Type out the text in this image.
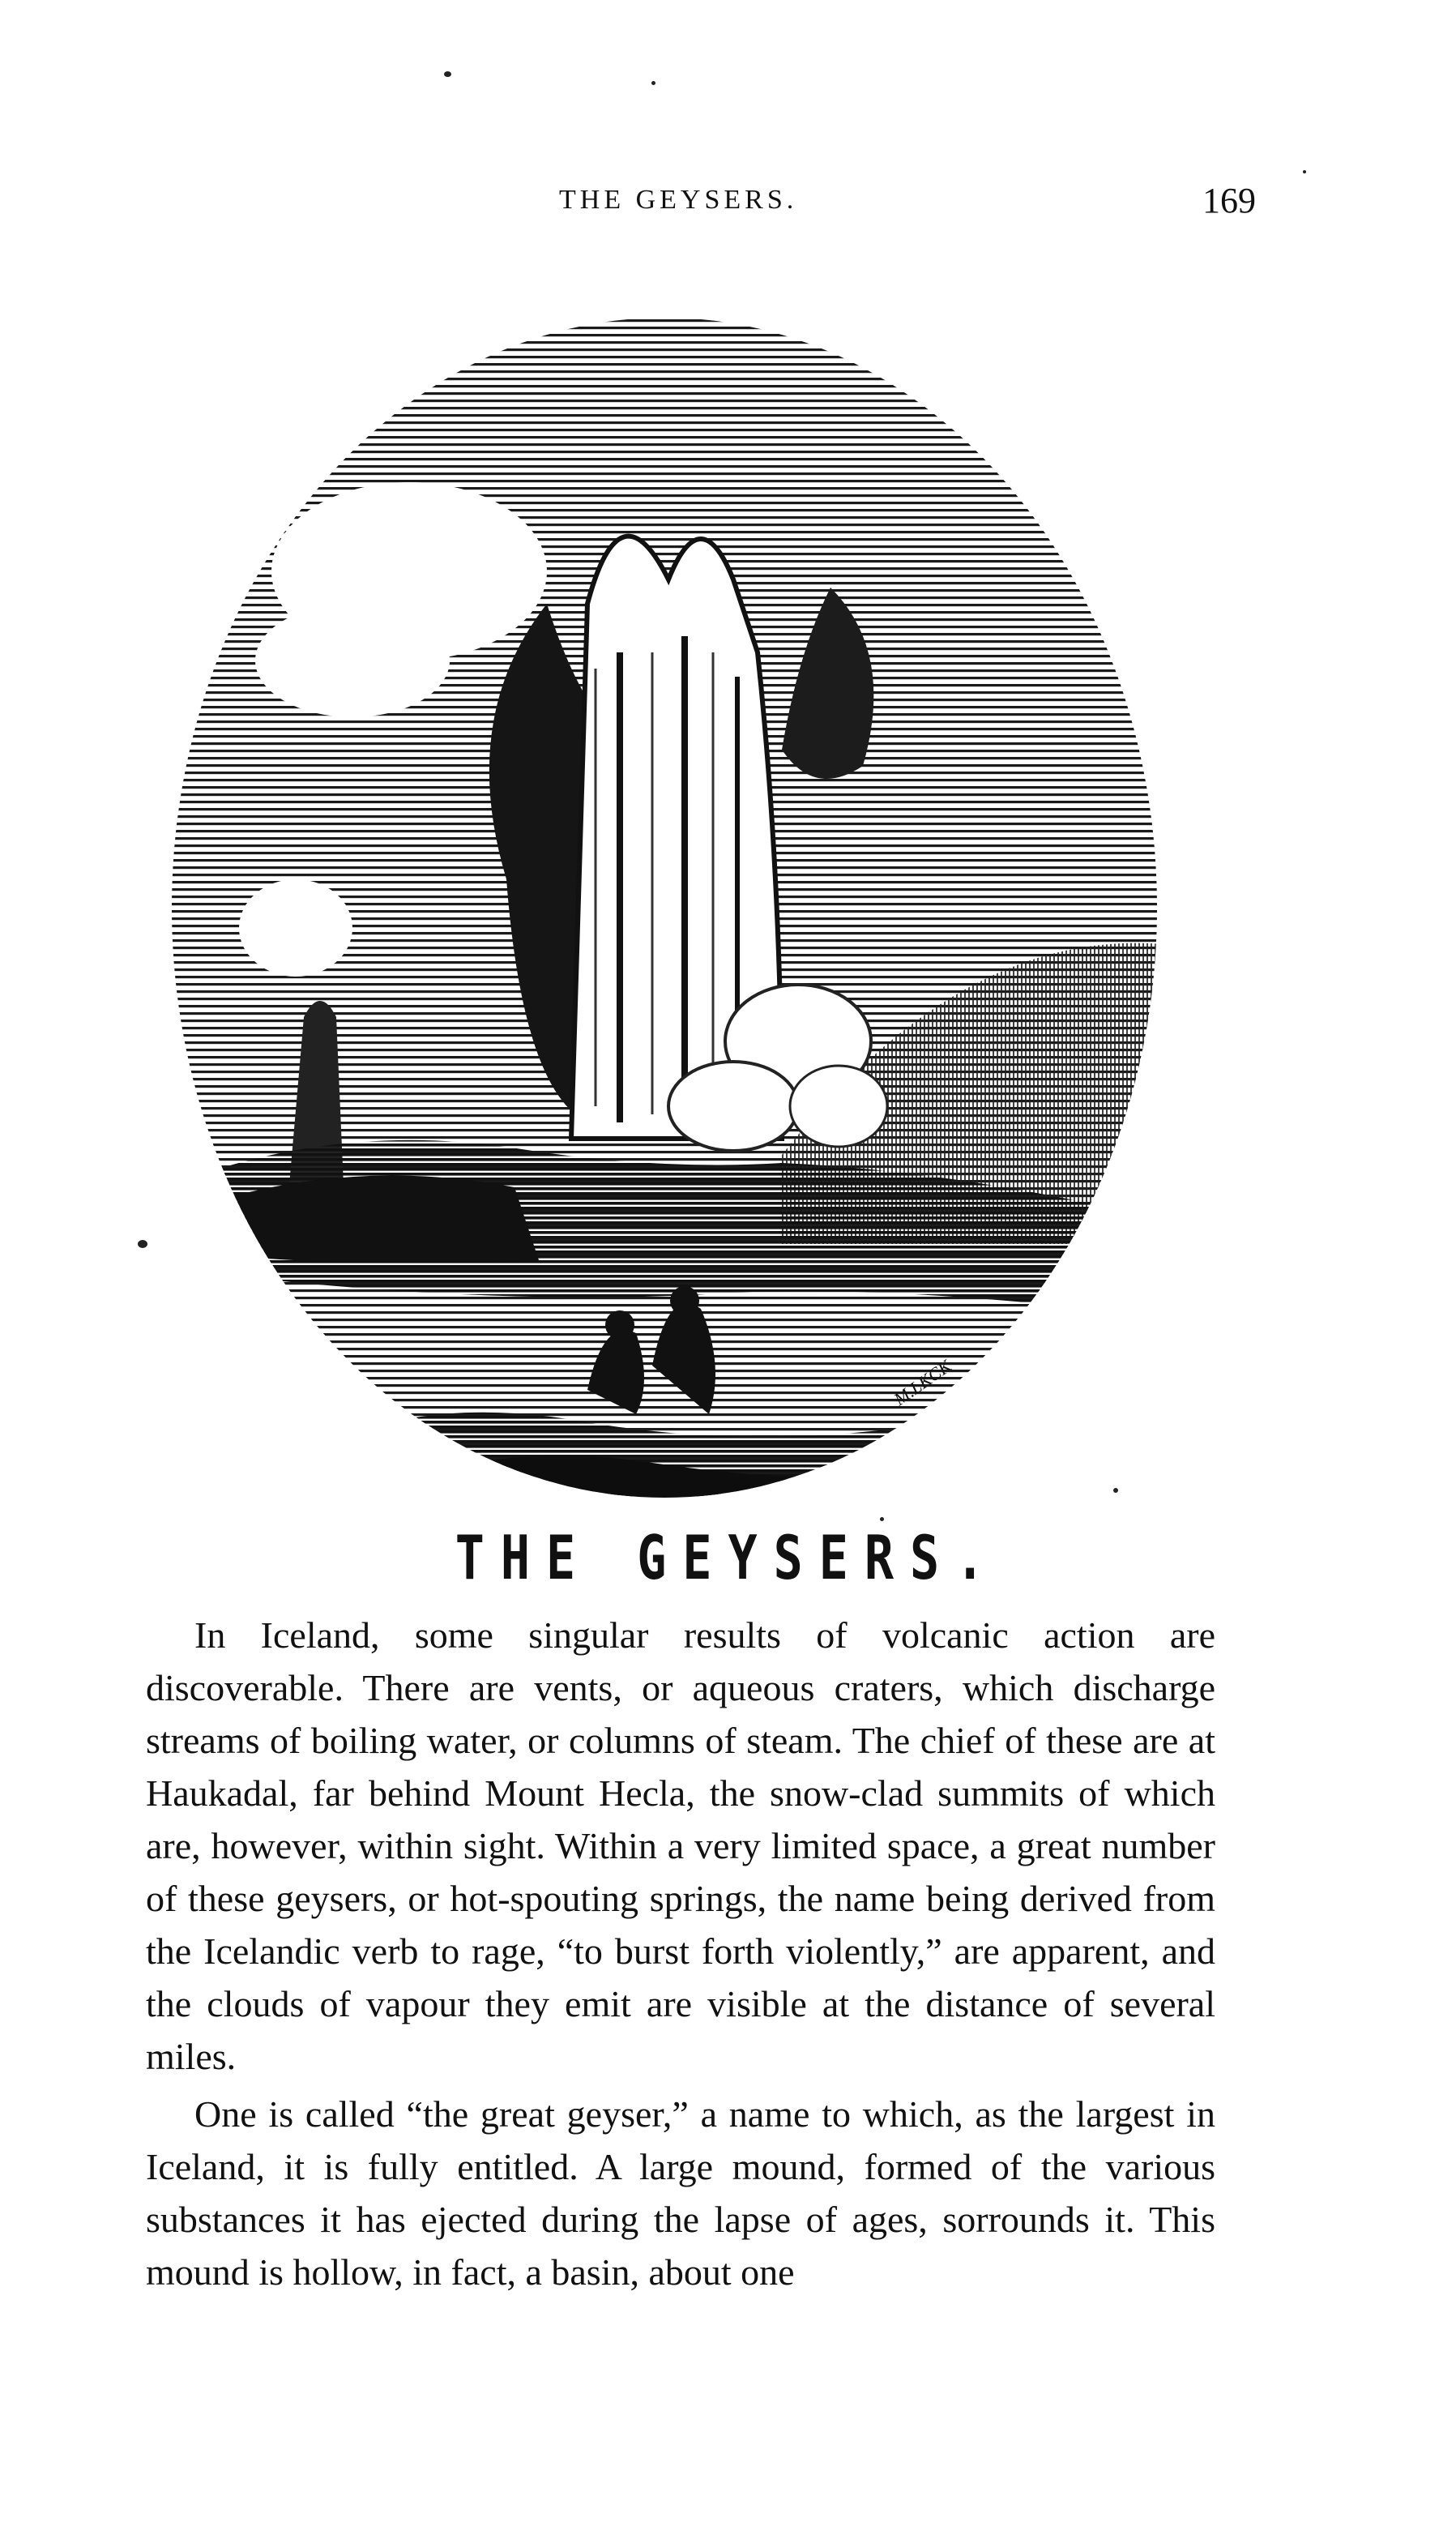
THE GEYSERS.	169
M.LKCK
THE GEYSERS.

In Iceland, some singular results of volcanic action are discoverable. There are vents, or aqueous craters, which discharge streams of boiling water, or columns of steam. The chief of these are at Haukadal, far behind Mount Hecla, the snow-clad summits of which are, however, within sight. Within a very limited space, a great number of these geysers, or hot-spouting springs, the name being derived from the Icelandic verb to rage, “to burst forth violently,” are apparent, and the clouds of vapour they emit are visible at the distance of several miles.

One is called “the great geyser,” a name to which, as the largest in Iceland, it is fully entitled. A large mound, formed of the various substances it has ejected during the lapse of ages, sorrounds it. This mound is hollow, in fact, a basin, about one
